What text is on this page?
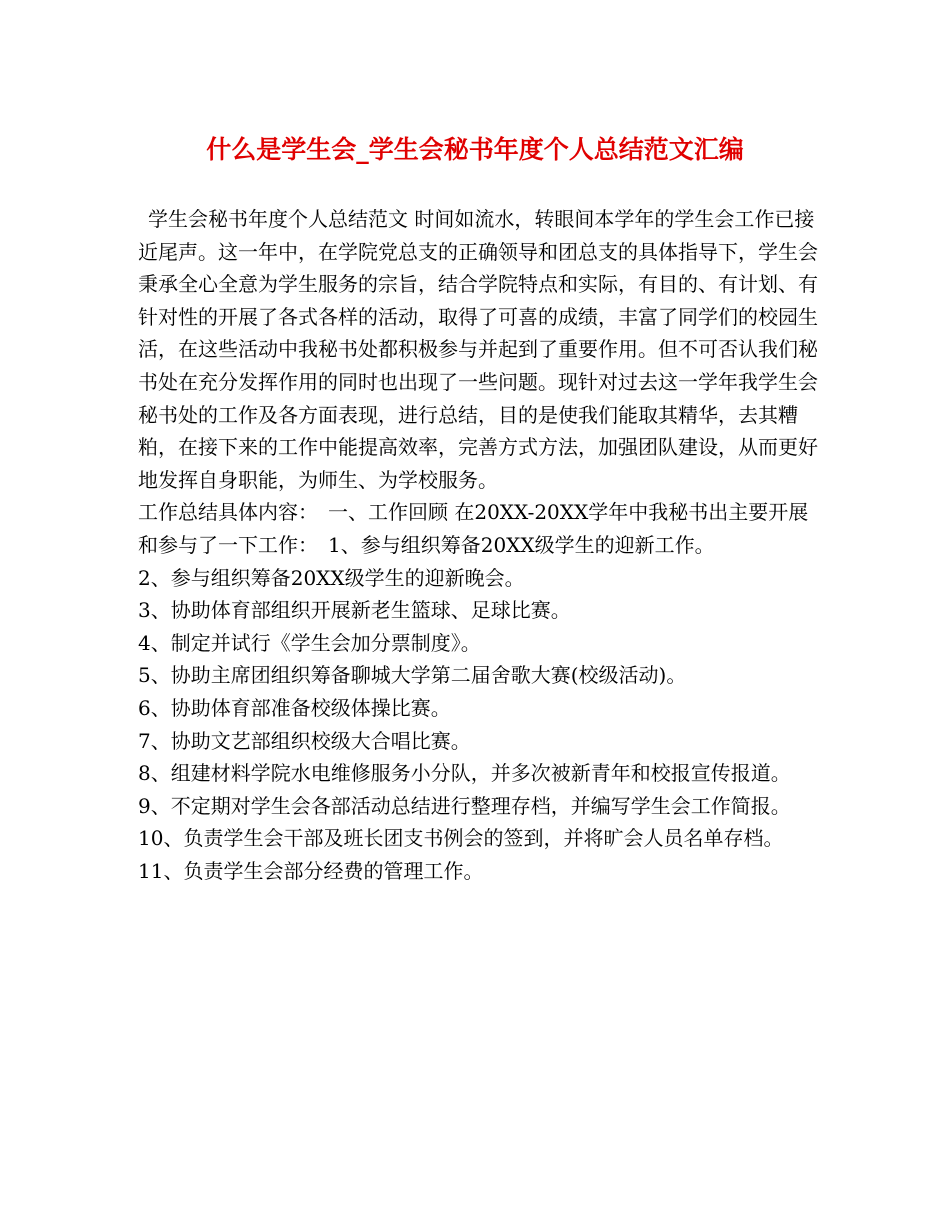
什么是学生会_学生会秘书年度个人总结范文汇编

学生会秘书年度个人总结范文 时间如流水，转眼间本学年的学生会工作已接近尾声。这一年中，在学院党总支的正确领导和团总支的具体指导下，学生会秉承全心全意为学生服务的宗旨，结合学院特点和实际，有目的、有计划、有针对性的开展了各式各样的活动，取得了可喜的成绩，丰富了同学们的校园生活，在这些活动中我秘书处都积极参与并起到了重要作用。但不可否认我们秘书处在充分发挥作用的同时也出现了一些问题。现针对过去这一学年我学生会秘书处的工作及各方面表现，进行总结，目的是使我们能取其精华，去其糟粕，在接下来的工作中能提高效率，完善方式方法，加强团队建设，从而更好地发挥自身职能，为师生、为学校服务。

工作总结具体内容：　一、工作回顾 在20XX-20XX学年中我秘书出主要开展和参与了一下工作：　1、参与组织筹备20XX级学生的迎新工作。

2、参与组织筹备20XX级学生的迎新晚会。

3、协助体育部组织开展新老生篮球、足球比赛。

4、制定并试行《学生会加分票制度》。

5、协助主席团组织筹备聊城大学第二届舍歌大赛(校级活动)。

6、协助体育部准备校级体操比赛。

7、协助文艺部组织校级大合唱比赛。

8、组建材料学院水电维修服务小分队，并多次被新青年和校报宣传报道。

9、不定期对学生会各部活动总结进行整理存档，并编写学生会工作简报。

10、负责学生会干部及班长团支书例会的签到，并将旷会人员名单存档。

11、负责学生会部分经费的管理工作。
